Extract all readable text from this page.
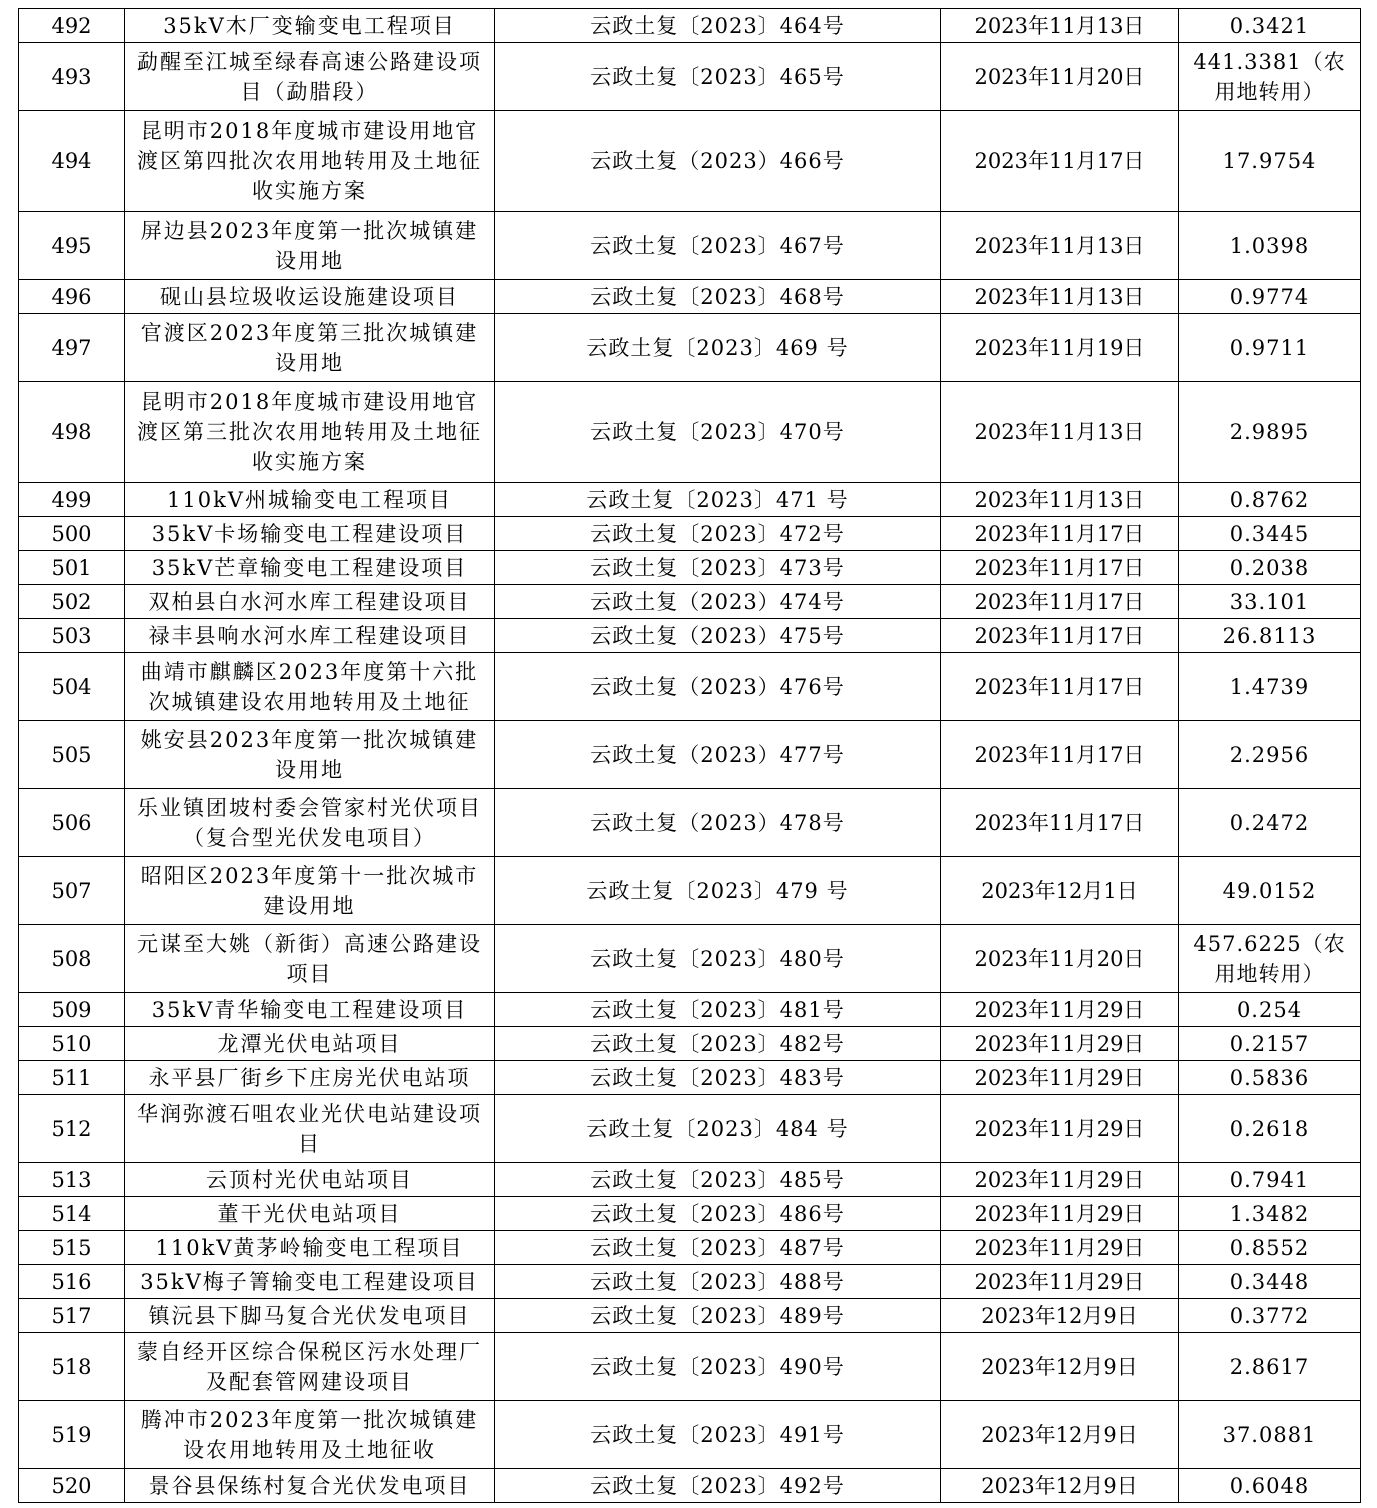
492	35kV木厂变输变电工程项目	云政土复〔2023〕464号	2023年11月13日	0.3421
493	勐醒至江城至绿春高速公路建设项目（勐腊段）	云政土复〔2023〕465号	2023年11月20日	441.3381（农用地转用）
494	昆明市2018年度城市建设用地官渡区第四批次农用地转用及土地征收实施方案	云政土复（2023）466号	2023年11月17日	17.9754
495	屏边县2023年度第一批次城镇建设用地	云政土复〔2023〕467号	2023年11月13日	1.0398
496	砚山县垃圾收运设施建设项目	云政土复〔2023〕468号	2023年11月13日	0.9774
497	官渡区2023年度第三批次城镇建设用地	云政土复〔2023〕469 号	2023年11月19日	0.9711
498	昆明市2018年度城市建设用地官渡区第三批次农用地转用及土地征收实施方案	云政土复〔2023〕470号	2023年11月13日	2.9895
499	110kV州城输变电工程项目	云政土复〔2023〕471 号	2023年11月13日	0.8762
500	35kV卡场输变电工程建设项目	云政土复〔2023〕472号	2023年11月17日	0.3445
501	35kV芒章输变电工程建设项目	云政土复〔2023〕473号	2023年11月17日	0.2038
502	双柏县白水河水库工程建设项目	云政土复（2023）474号	2023年11月17日	33.101
503	禄丰县响水河水库工程建设项目	云政土复（2023）475号	2023年11月17日	26.8113
504	曲靖市麒麟区2023年度第十六批次城镇建设农用地转用及土地征	云政土复（2023）476号	2023年11月17日	1.4739
505	姚安县2023年度第一批次城镇建设用地	云政土复（2023）477号	2023年11月17日	2.2956
506	乐业镇团坡村委会管家村光伏项目（复合型光伏发电项目）	云政土复（2023）478号	2023年11月17日	0.2472
507	昭阳区2023年度第十一批次城市建设用地	云政土复〔2023〕479 号	2023年12月1日	49.0152
508	元谋至大姚（新街）高速公路建设项目	云政土复〔2023〕480号	2023年11月20日	457.6225（农用地转用）
509	35kV青华输变电工程建设项目	云政土复〔2023〕481号	2023年11月29日	0.254
510	龙潭光伏电站项目	云政土复〔2023〕482号	2023年11月29日	0.2157
511	永平县厂街乡下庄房光伏电站项	云政土复〔2023〕483号	2023年11月29日	0.5836
512	华润弥渡石咀农业光伏电站建设项目	云政土复〔2023〕484 号	2023年11月29日	0.2618
513	云顶村光伏电站项目	云政土复〔2023〕485号	2023年11月29日	0.7941
514	董干光伏电站项目	云政土复〔2023〕486号	2023年11月29日	1.3482
515	110kV黄茅岭输变电工程项目	云政土复〔2023〕487号	2023年11月29日	0.8552
516	35kV梅子箐输变电工程建设项目	云政土复〔2023〕488号	2023年11月29日	0.3448
517	镇沅县下脚马复合光伏发电项目	云政土复〔2023〕489号	2023年12月9日	0.3772
518	蒙自经开区综合保税区污水处理厂及配套管网建设项目	云政土复〔2023〕490号	2023年12月9日	2.8617
519	腾冲市2023年度第一批次城镇建设农用地转用及土地征收	云政土复〔2023〕491号	2023年12月9日	37.0881
520	景谷县保练村复合光伏发电项目	云政土复〔2023〕492号	2023年12月9日	0.6048
